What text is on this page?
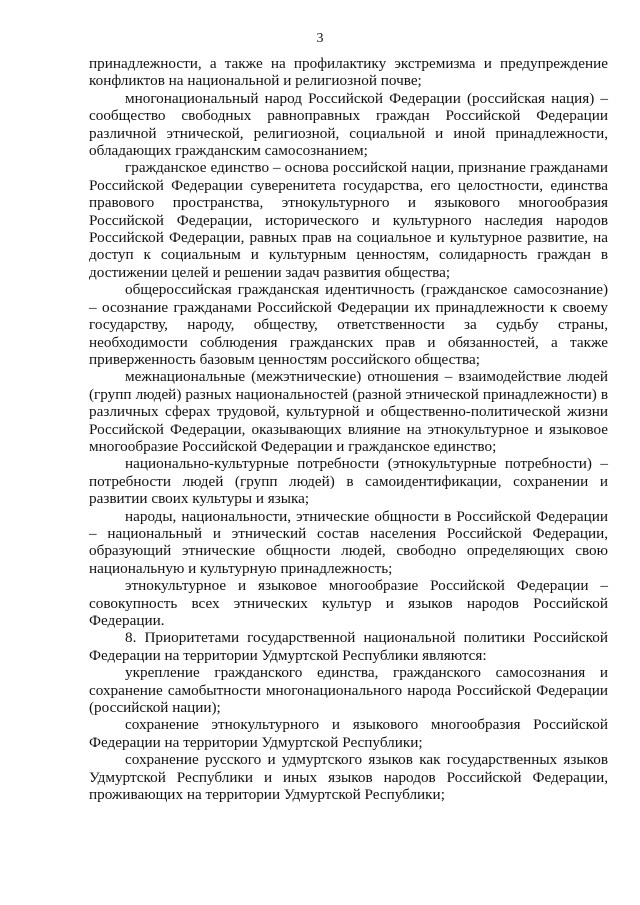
3

принадлежности, а также на профилактику экстремизма и предупреждение конфликтов на национальной и религиозной почве;

многонациональный народ Российской Федерации (российская нация) – сообщество свободных равноправных граждан Российской Федерации различной этнической, религиозной, социальной и иной принадлежности, обладающих гражданским самосознанием;

гражданское единство – основа российской нации, признание гражданами Российской Федерации суверенитета государства, его целостности, единства правового пространства, этнокультурного и языкового многообразия Российской Федерации, исторического и культурного наследия народов Российской Федерации, равных прав на социальное и культурное развитие, на доступ к социальным и культурным ценностям, солидарность граждан в достижении целей и решении задач развития общества;

общероссийская гражданская идентичность (гражданское самосознание) – осознание гражданами Российской Федерации их принадлежности к своему государству, народу, обществу, ответственности за судьбу страны, необходимости соблюдения гражданских прав и обязанностей, а также приверженность базовым ценностям российского общества;

межнациональные (межэтнические) отношения – взаимодействие людей (групп людей) разных национальностей (разной этнической принадлежности) в различных сферах трудовой, культурной и общественно-политической жизни Российской Федерации, оказывающих влияние на этнокультурное и языковое многообразие Российской Федерации и гражданское единство;

национально-культурные потребности (этнокультурные потребности) – потребности людей (групп людей) в самоидентификации, сохранении и развитии своих культуры и языка;

народы, национальности, этнические общности в Российской Федерации – национальный и этнический состав населения Российской Федерации, образующий этнические общности людей, свободно определяющих свою национальную и культурную принадлежность;

этнокультурное и языковое многообразие Российской Федерации – совокупность всех этнических культур и языков народов Российской Федерации.

8. Приоритетами государственной национальной политики Российской Федерации на территории Удмуртской Республики являются:

укрепление гражданского единства, гражданского самосознания и сохранение самобытности многонационального народа Российской Федерации (российской нации);

сохранение этнокультурного и языкового многообразия Российской Федерации на территории Удмуртской Республики;

сохранение русского и удмуртского языков как государственных языков Удмуртской Республики и иных языков народов Российской Федерации, проживающих на территории Удмуртской Республики;
